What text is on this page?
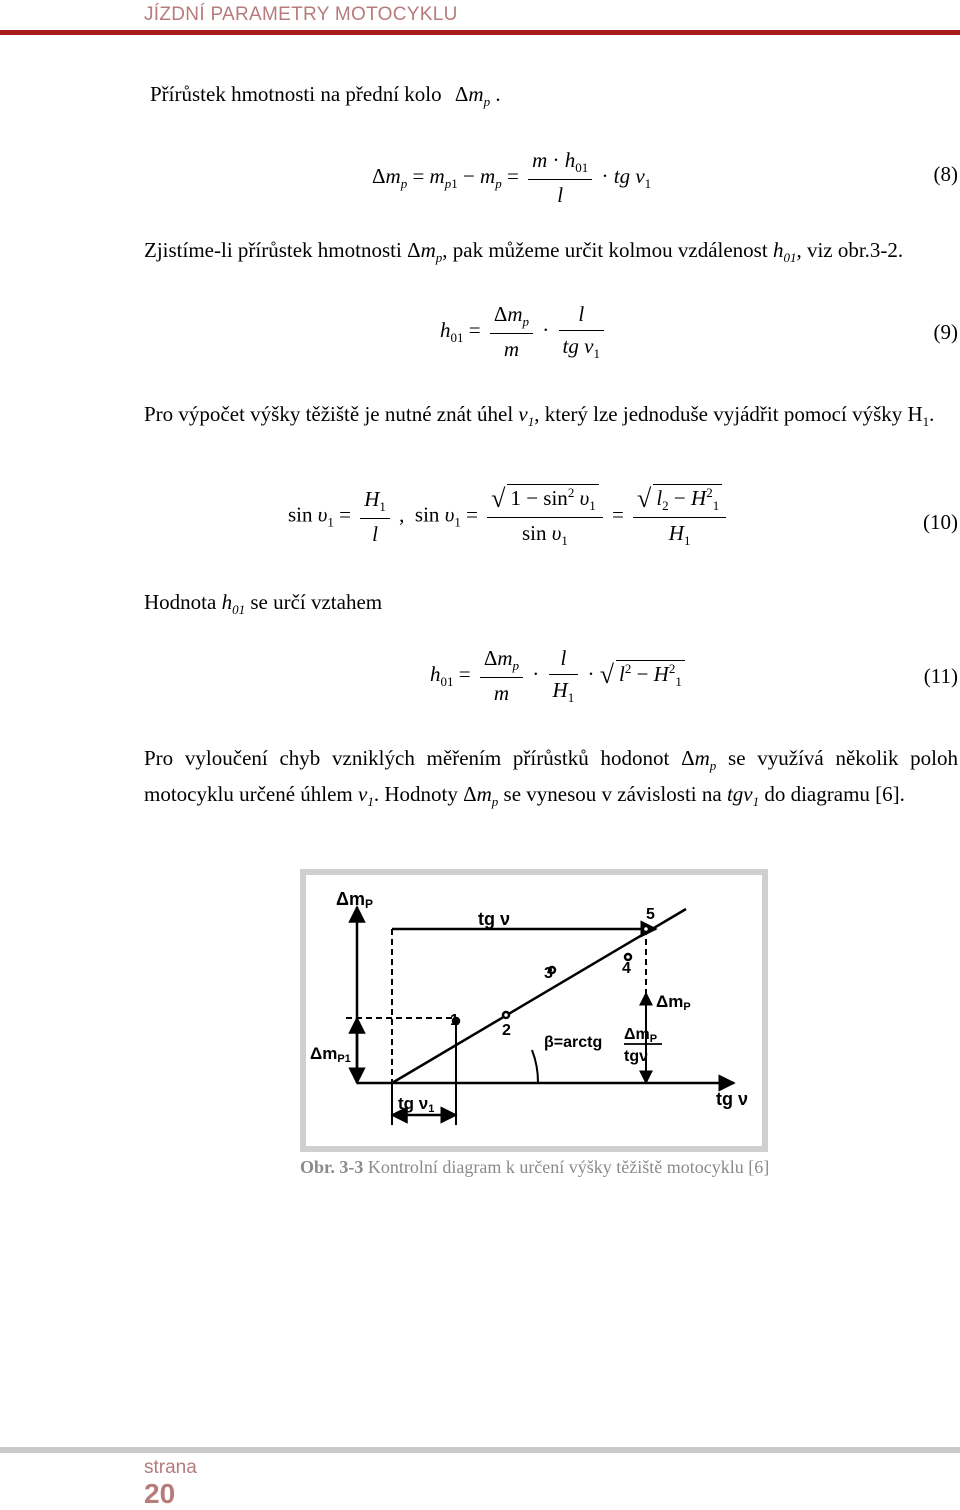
JÍZDNÍ PARAMETRY MOTOCYKLU
Přírůstek hmotnosti na přední kolo $\Delta m_p$ .
$\Delta m_p = m_{p1} - m_p = \frac{m \cdot h_{01}}{l}$ · tg $\nu_1$	(8)
Zjistíme-li přírůstek hmotnosti $\Delta m_p$, pak můžeme určit kolmou vzdálenost $h_{01}$, viz obr.3-2.
$h_{01} = \frac{\Delta m_p}{m} \cdot \frac{l}{tg \nu_1}$	(9)
Pro výpočet výšky těžiště je nutné znát úhel $\nu_1$, který lze jednoduše vyjádřit pomocí výšky $H_1$.
$\sin \upsilon_1 = \frac{H_1}{l}$ ,  $\sin \upsilon_1 = \frac{√ 1 - \sin^2 \upsilon_1}{\sin \upsilon_1} = \frac{√ l_2 - H^2_1}{H_1}$	(10)
Hodnota $h_{01}$ se určí vztahem
$h_{01} = \frac{\Delta m_p}{m} \cdot \frac{l}{H_1}$ · √ $l^2 - H^2_1$	(11)
Pro vyloučení chyb vzniklých měřením přírůstků hodonot $\Delta m_p$ se využívá několik poloh motocyklu určené úhlem $\nu_1$. Hodnoty $\Delta m_p$ se vynesou v závislosti na tgν$_1$ do diagramu [6].
ΔmP
tg ν
ΔmP1
ΔmP
tg ν1	tg ν
β=arctg ΔmP
tgν
1
2
3	4
5
Obr. 3-3 Kontrolní diagram k určení výšky těžiště motocyklu [6]
strana
20
